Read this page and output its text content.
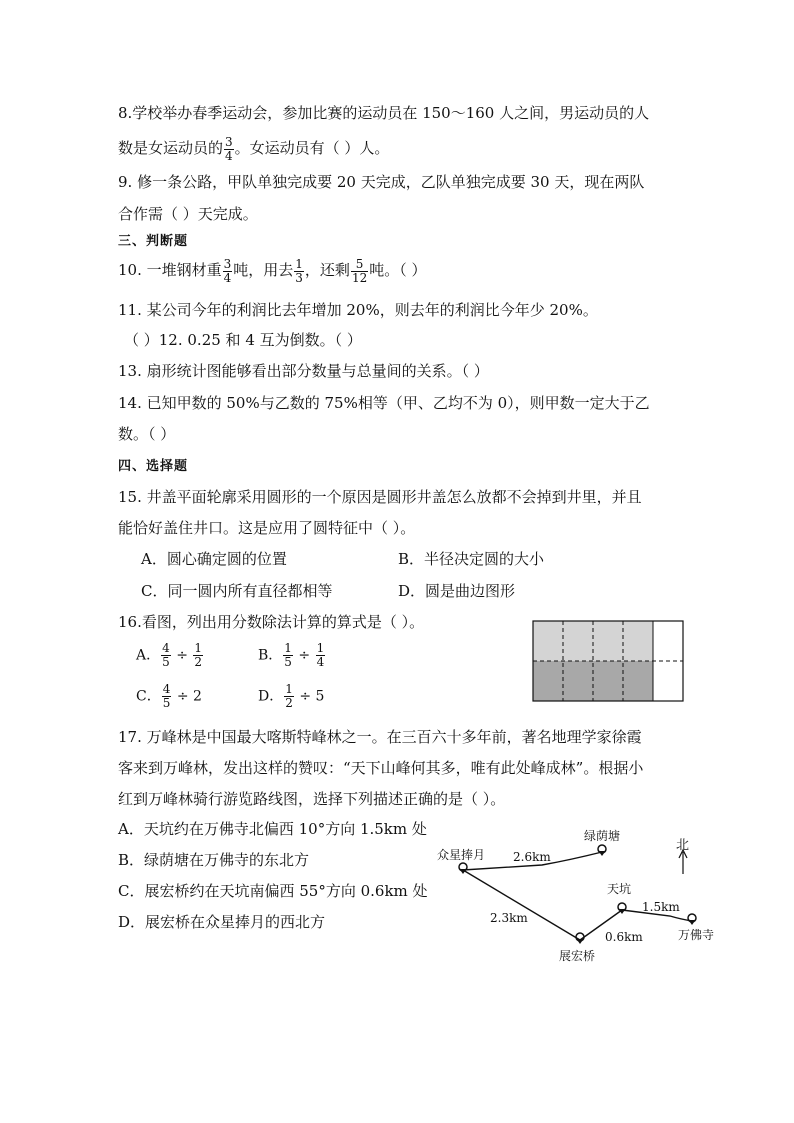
8.学校举办春季运动会，参加比赛的运动员在 150～160 人之间，男运动员的人
数是女运动员的 $\frac{3}{4}$ 。女运动员有（ ）人。
9. 修一条公路，甲队单独完成要 20 天完成，乙队单独完成要 30 天，现在两队
合作需（ ）天完成。
三、判断题
10. 一堆钢材重 $\frac{3}{4}$ 吨，用去 $\frac{1}{3}$ ，还剩 $\frac{5}{12}$ 吨。（ ）
11. 某公司今年的利润比去年增加 20%，则去年的利润比今年少 20%。
（ ）12. 0.25 和 4 互为倒数。（ ）
13. 扇形统计图能够看出部分数量与总量间的关系。（ ）
14. 已知甲数的 50%与乙数的 75%相等（甲、乙均不为 0），则甲数一定大于乙
数。（ ）
四、选择题
15. 井盖平面轮廓采用圆形的一个原因是圆形井盖怎么放都不会掉到井里，并且
能恰好盖住井口。这是应用了圆特征中（ ）。
A．圆心确定圆的位置	B．半径决定圆的大小
C．同一圆内所有直径都相等	D．圆是曲边图形
16.看图，列出用分数除法计算的算式是（ ）。
A． $\frac{4}{5} \div \frac{1}{2}$	B． $\frac{1}{5} \div \frac{1}{4}$
C． $\frac{4}{5} \div 2$	D． $\frac{1}{2} \div 5$
17. 万峰林是中国最大喀斯特峰林之一。在三百六十多年前，著名地理学家徐霞
客来到万峰林，发出这样的赞叹：“天下山峰何其多，唯有此处峰成林”。根据小
红到万峰林骑行游览路线图，选择下列描述正确的是（ ）。
A．天坑约在万佛寺北偏西 10°方向 1.5km 处
B．绿荫塘在万佛寺的东北方
C．展宏桥约在天坑南偏西 55°方向 0.6km 处
D．展宏桥在众星捧月的西北方
众星捧月
绿荫塘
天坑
万佛寺
展宏桥
2.6km
2.3km
0.6km
1.5km
北
